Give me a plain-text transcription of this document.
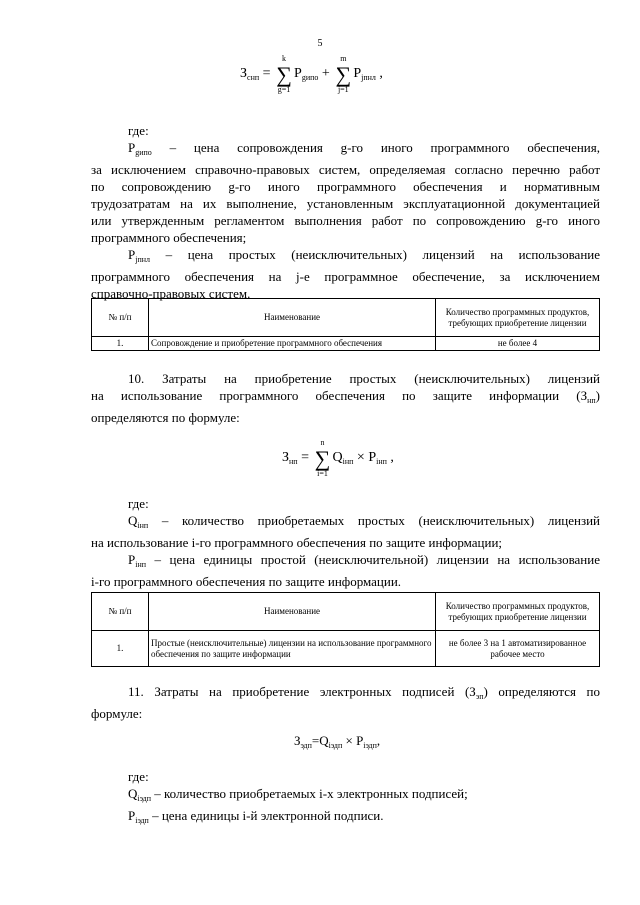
5
$З_{снп}$ = ∑
k
g=1
$Р_{gипо}$ + ∑
m
j=1
$Р_{jпнл}$ ,
где:
$Р_{gипо}$ – цена сопровождения g-го иного программного обеспечения,
за исключением справочно-правовых систем, определяемая согласно перечню работ
по сопровождению g-го иного программного обеспечения и нормативным
трудозатратам на их выполнение, установленным эксплуатационной документацией
или утвержденным регламентом выполнения работ по сопровождению g-го иного
программного обеспечения;
$Р_{jпнл}$ – цена простых (неисключительных) лицензий на использование
программного обеспечения на j-е программное обеспечение, за исключением
справочно-правовых систем.
№ п/п	Наименование	Количество программных продуктов, требующих приобретение лицензии
1.	Сопровождение и приобретение программного обеспечения	не более 4
10. Затраты на приобретение простых (неисключительных) лицензий
на использование программного обеспечения по защите информации $(З_{нп})$
определяются по формуле:
$З_{нп}$ = ∑
n
i=1
$Q_{iнп} \times Р_{iнп}$ ,
где:
$Q_{iнп}$ – количество приобретаемых простых (неисключительных) лицензий
на использование i-го программного обеспечения по защите информации;
$Р_{iнп}$ – цена единицы простой (неисключительной) лицензии на использование
i-го программного обеспечения по защите информации.
№ п/п	Наименование	Количество программных продуктов, требующих приобретение лицензии
1.	Простые (неисключительные) лицензии на использование программного обеспечения по защите информации	не более 3 на 1 автоматизированное рабочее место
11. Затраты на приобретение электронных подписей $(З_{эп})$ определяются по
формуле:
$З_{эдп}=Q_{iэдп} \times Р_{iэдп}$,
где:
$Q_{iэдп}$ – количество приобретаемых i-х электронных подписей;
$Р_{iэдп}$ – цена единицы i-й электронной подписи.
